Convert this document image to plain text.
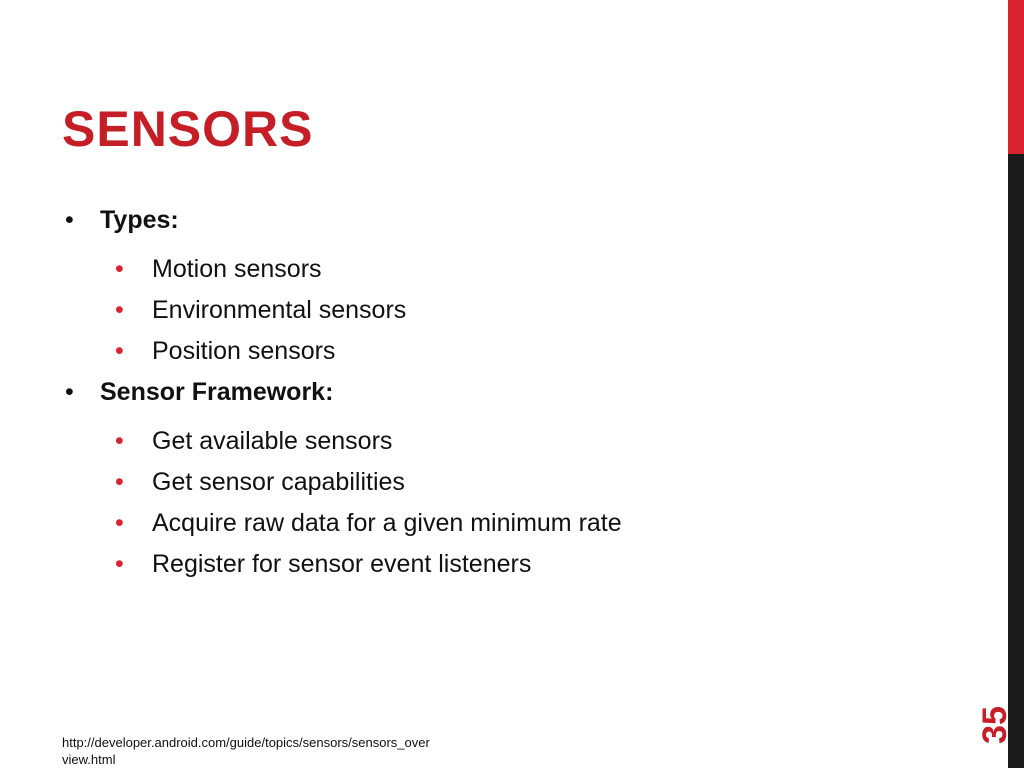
SENSORS
• Types:
• Motion sensors
• Environmental sensors
• Position sensors
• Sensor Framework:
• Get available sensors
• Get sensor capabilities
• Acquire raw data for a given minimum rate
• Register for sensor event listeners
http://developer.android.com/guide/topics/sensors/sensors_overview.html
35
